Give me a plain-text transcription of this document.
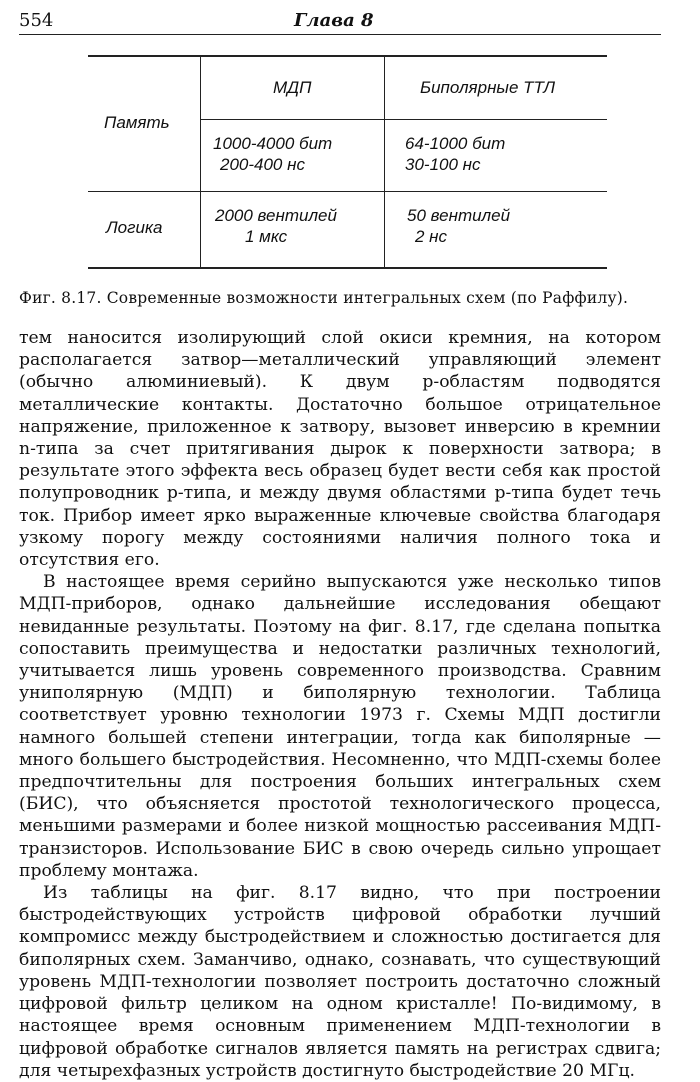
554	Глава 8
МДП	Биполярные ТТЛ
Память
1000-4000 бит
200-400 нс
64-1000 бит
30-100 нс
Логика
2000 вентилей
1 мкс
50 вентилей
2 нс
Фиг. 8.17. Современные возможности интегральных схем (по Раффилу).

тем наносится изолирующий слой окиси кремния, на котором располагается затвор—металлический управляющий элемент (обычно алюминиевый). К двум p-областям подводятся металлические контакты. Достаточно большое отрицательное напряжение, приложенное к затвору, вызовет инверсию в кремнии n-типа за счет притягивания дырок к поверхности затвора; в результате этого эффекта весь образец будет вести себя как простой полупроводник p-типа, и между двумя областями p-типа будет течь ток. Прибор имеет ярко выраженные ключевые свойства благодаря узкому порогу между состояниями наличия полного тока и отсутствия его.

В настоящее время серийно выпускаются уже несколько типов МДП-приборов, однако дальнейшие исследования обещают невиданные результаты. Поэтому на фиг. 8.17, где сделана попытка сопоставить преимущества и недостатки различных технологий, учитывается лишь уровень современного производства. Сравним униполярную (МДП) и биполярную технологии. Таблица соответствует уровню технологии 1973 г. Схемы МДП достигли намного большей степени интеграции, тогда как биполярные — много большего быстродействия. Несомненно, что МДП-схемы более предпочтительны для построения больших интегральных схем (БИС), что объясняется простотой технологического процесса, меньшими размерами и более низкой мощностью рассеивания МДП-транзисторов. Использование БИС в свою очередь сильно упрощает проблему монтажа.

Из таблицы на фиг. 8.17 видно, что при построении быстродействующих устройств цифровой обработки лучший компромисс между быстродействием и сложностью достигается для биполярных схем. Заманчиво, однако, сознавать, что существующий уровень МДП-технологии позволяет построить достаточно сложный цифровой фильтр целиком на одном кристалле! По-видимому, в настоящее время основным применением МДП-технологии в цифровой обработке сигналов является память на регистрах сдвига; для четырехфазных устройств достигнуто быстродействие 20 МГц.
